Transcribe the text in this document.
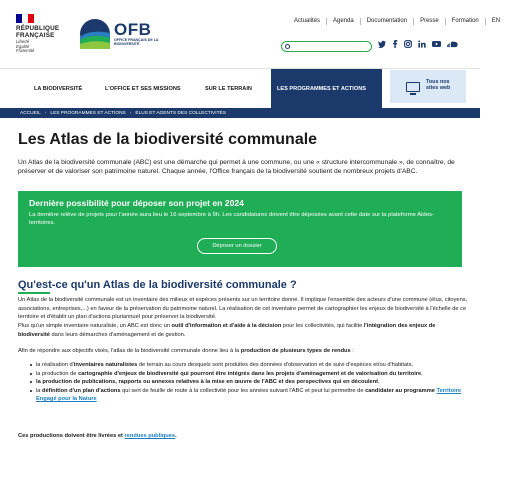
RÉPUBLIQUE
FRANÇAISE
Liberté
Égalité
Fraternité
OFB
OFFICE FRANÇAIS DE LA BIODIVERSITÉ
Actualités	Agenda	Documentation	Presse	Formation	EN
LA BIODIVERSITÉ	L'OFFICE ET SES MISSIONS	SUR LE TERRAIN	LES PROGRAMMES ET ACTIONS
Tous nos sites web
ACCUEIL › LES PROGRAMMES ET ACTIONS › ÉLUS ET AGENTS DES COLLECTIVITÉS
Les Atlas de la biodiversité communale

Un Atlas de la biodiversité communale (ABC) est une démarche qui permet à une commune, ou une « structure intercommunale », de connaître, de préserver et de valoriser son patrimoine naturel. Chaque année, l'Office français de la biodiversité soutient de nombreux projets d'ABC.

Dernière possibilité pour déposer son projet en 2024
La dernière relève de projets pour l'année aura lieu le 16 septembre à 9h. Les candidatures doivent être déposées avant cette date sur la plateforme Aides-territoires.
Déposer un dossier
Qu'est-ce qu'un Atlas de la biodiversité communale ?

Un Atlas de la biodiversité communale est un inventaire des milieux et espèces présents sur un territoire donné. Il implique l'ensemble des acteurs d'une commune (élus, citoyens, associations, entreprises,...) en faveur de la préservation du patrimoine naturel. La réalisation de cet inventaire permet de cartographier les enjeux de biodiversité à l'échelle de ce territoire et d'établir un plan d'actions pluriannuel pour préserver la biodiversité.

Plus qu'un simple inventaire naturaliste, un ABC est donc un outil d'information et d'aide à la décision pour les collectivités, qui facilite l'intégration des enjeux de biodiversité dans leurs démarches d'aménagement et de gestion.

Afin de répondre aux objectifs visés, l'atlas de la biodiversité communale donne lieu à la production de plusieurs types de rendus :

la réalisation d'inventaires naturalistes de terrain au cours desquels sont produites des données d'observation et de suivi d'espèces et/ou d'habitats,
la production de cartographie d'enjeux de biodiversité qui pourront être intégrés dans les projets d'aménagement et de valorisation du territoire,
la production de publications, rapports ou annexes relatives à la mise en œuvre de l'ABC et des perspectives qui en découlent,
la définition d'un plan d'actions qui sert de feuille de route à la collectivité pour les années suivant l'ABC et peut lui permettre de candidater au programme Territoire Engagé pour la Nature

Ces productions doivent être livrées et rendues publiques.
